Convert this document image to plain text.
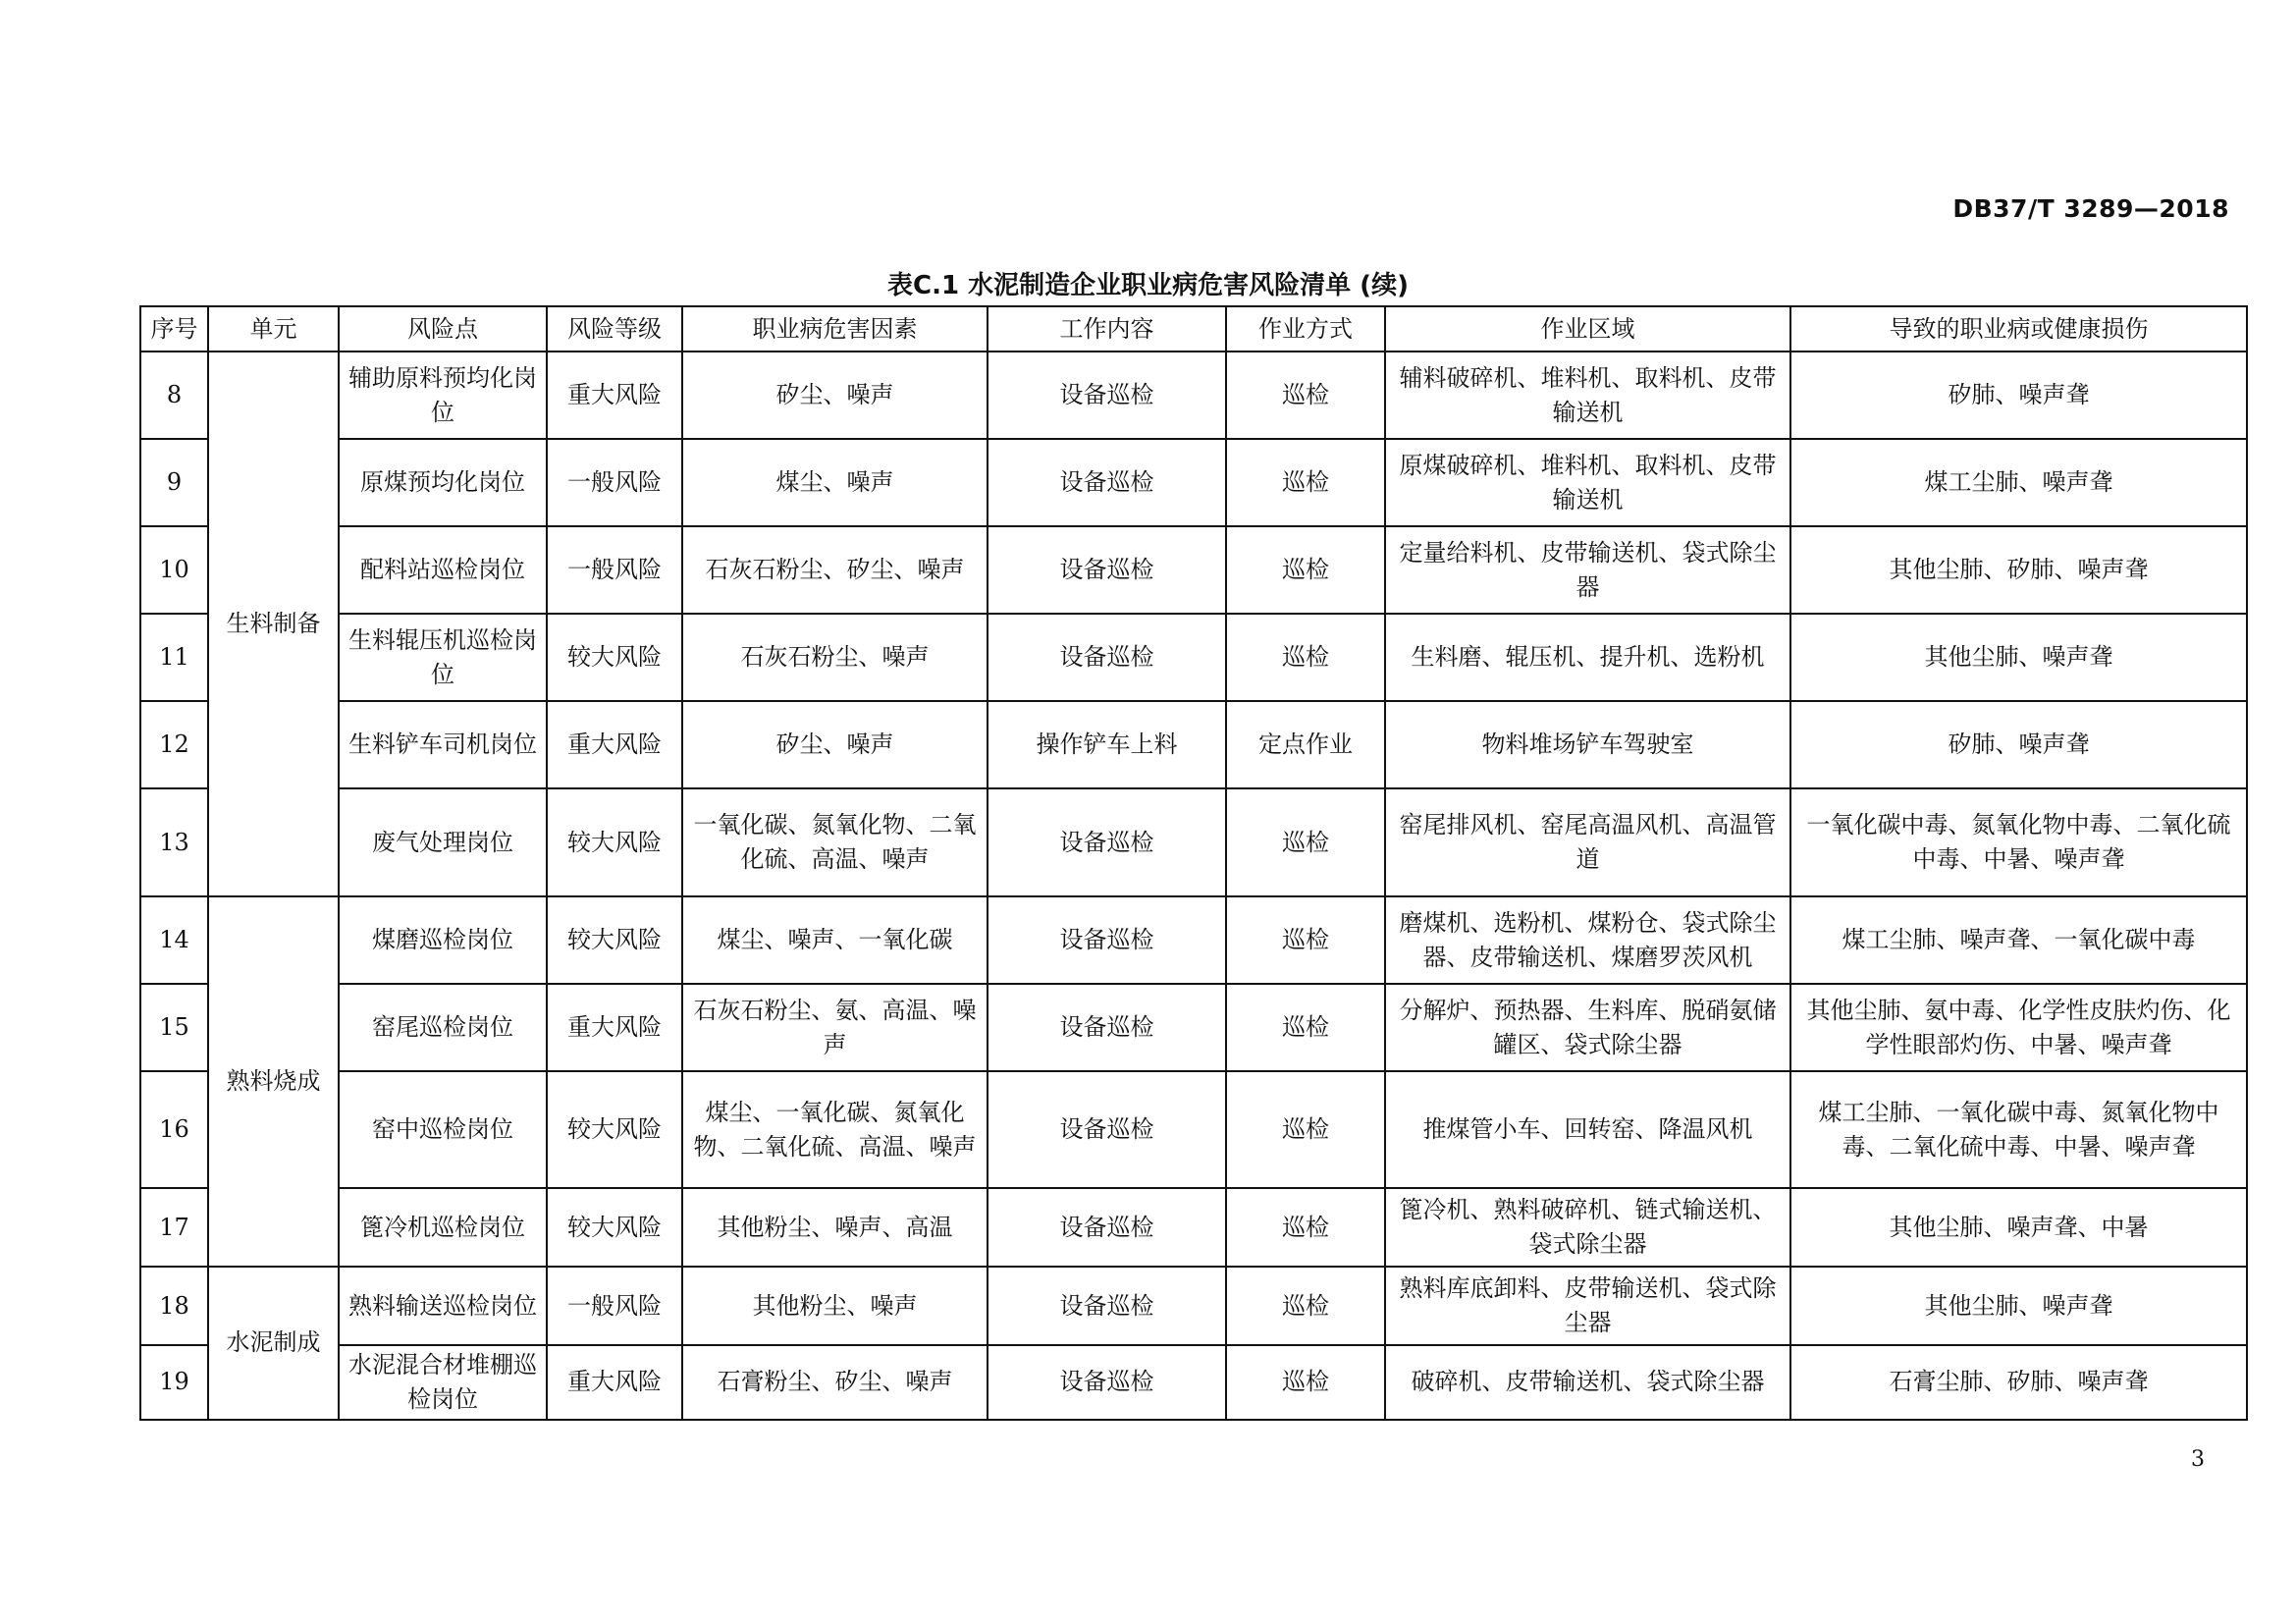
DB37/T 3289—2018
表C.1 水泥制造企业职业病危害风险清单 (续)
序号	单元	风险点	风险等级	职业病危害因素	工作内容	作业方式	作业区域	导致的职业病或健康损伤
8	生料制备	辅助原料预均化岗位	重大风险	矽尘、噪声	设备巡检	巡检	辅料破碎机、堆料机、取料机、皮带输送机	矽肺、噪声聋
9		原煤预均化岗位	一般风险	煤尘、噪声	设备巡检	巡检	原煤破碎机、堆料机、取料机、皮带输送机	煤工尘肺、噪声聋
10		配料站巡检岗位	一般风险	石灰石粉尘、矽尘、噪声	设备巡检	巡检	定量给料机、皮带输送机、袋式除尘器	其他尘肺、矽肺、噪声聋
11		生料辊压机巡检岗位	较大风险	石灰石粉尘、噪声	设备巡检	巡检	生料磨、辊压机、提升机、选粉机	其他尘肺、噪声聋
12		生料铲车司机岗位	重大风险	矽尘、噪声	操作铲车上料	定点作业	物料堆场铲车驾驶室	矽肺、噪声聋
13		废气处理岗位	较大风险	一氧化碳、氮氧化物、二氧化硫、高温、噪声	设备巡检	巡检	窑尾排风机、窑尾高温风机、高温管道	一氧化碳中毒、氮氧化物中毒、二氧化硫中毒、中暑、噪声聋
14	熟料烧成	煤磨巡检岗位	较大风险	煤尘、噪声、一氧化碳	设备巡检	巡检	磨煤机、选粉机、煤粉仓、袋式除尘器、皮带输送机、煤磨罗茨风机	煤工尘肺、噪声聋、一氧化碳中毒
15		窑尾巡检岗位	重大风险	石灰石粉尘、氨、高温、噪声	设备巡检	巡检	分解炉、预热器、生料库、脱硝氨储罐区、袋式除尘器	其他尘肺、氨中毒、化学性皮肤灼伤、化学性眼部灼伤、中暑、噪声聋
16		窑中巡检岗位	较大风险	煤尘、一氧化碳、氮氧化物、二氧化硫、高温、噪声	设备巡检	巡检	推煤管小车、回转窑、降温风机	煤工尘肺、一氧化碳中毒、氮氧化物中毒、二氧化硫中毒、中暑、噪声聋
17		篦冷机巡检岗位	较大风险	其他粉尘、噪声、高温	设备巡检	巡检	篦冷机、熟料破碎机、链式输送机、袋式除尘器	其他尘肺、噪声聋、中暑
18	水泥制成	熟料输送巡检岗位	一般风险	其他粉尘、噪声	设备巡检	巡检	熟料库底卸料、皮带输送机、袋式除尘器	其他尘肺、噪声聋
19		水泥混合材堆棚巡检岗位	重大风险	石膏粉尘、矽尘、噪声	设备巡检	巡检	破碎机、皮带输送机、袋式除尘器	石膏尘肺、矽肺、噪声聋
3
